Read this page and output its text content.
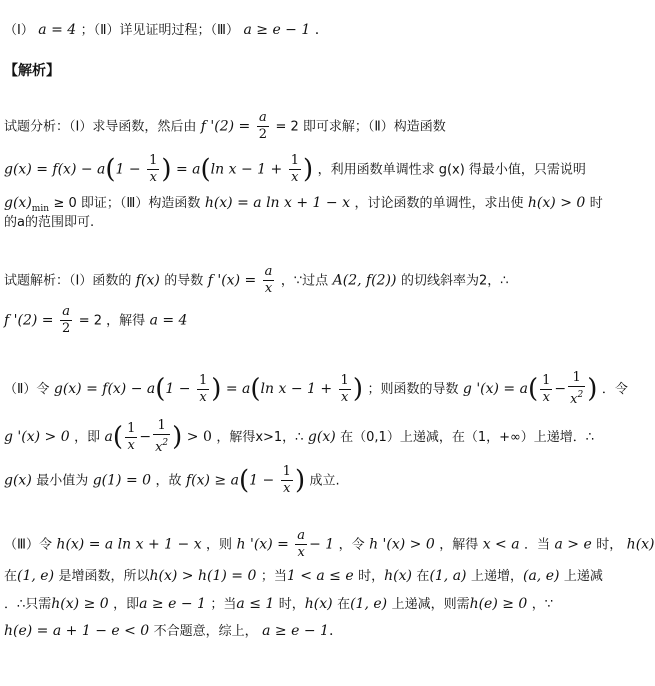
（Ⅰ） a = 4 ；（Ⅱ）详见证明过程；（Ⅲ） a ≥ e − 1 .
【解析】
试题分析：（Ⅰ）求导函数，然后由 f '$(2) = \frac{a}{2} = 2$ 即可求解；（Ⅱ）构造函数
$g(x) = f(x) - a(1 - \frac{1}{x}$ ) = a(ln $x - 1 + \frac{1}{x}$ ) ，利用函数单调性求 g(x) 得最小值，只需说明
$g(x)_{min} \ge 0$ 即证；（Ⅲ）构造函数 h(x) = a ln x + 1 − x ，讨论函数的单调性，求出使 h(x) > 0 时
的a的范围即可.
试题解析：（Ⅰ）函数的 f(x) 的导数 f '$(x) = \frac{a}{x}$ ，∵过点 A(2, f(2)) 的切线斜率为2，∴
f '$(2) = \frac{a}{2} = 2$ ，解得 a = 4
（Ⅱ）令 $g(x) = f(x) - a(1 - \frac{1}{x}$ ) = a(ln $x - 1 + \frac{1}{x}$ ) ；则函数的导数 g '$(x) = a( \frac{1}{x} - \frac{1}{x^2}$ ) ．令
g '(x) > 0 ，即 $a( \frac{1}{x} - \frac{1}{x^2}$ ) > 0 ，解得x>1，∴ g(x) 在（0,1）上递减，在（1，+∞）上递增．∴
g(x) 最小值为 g(1) = 0 ，故 $f(x) \ge a(1 - \frac{1}{x}$ ) 成立.
（Ⅲ）令 h(x) = a ln x + 1 − x ，则 h '$(x) = \frac{a}{x} - 1$ ，令 h '(x) > 0 ，解得 x < a ．当 a > e 时， h(x)
在(1, e) 是增函数，所以h(x) > h(1) = 0 ；当1 < a ≤ e 时，h(x) 在(1, a) 上递增，(a, e) 上递减
．∴只需h(x) ≥ 0 ，即a ≥ e − 1 ；当a ≤ 1 时，h(x) 在(1, e) 上递减，则需h(e) ≥ 0 ，∵
h(e) = a + 1 − e < 0 不合题意，综上， a ≥ e − 1.
